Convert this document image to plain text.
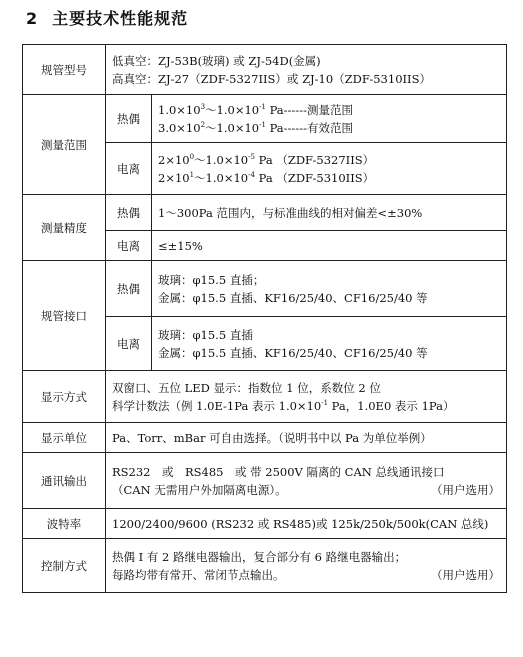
2 主要技术性能规范
规管型号	低真空：ZJ-53B(玻璃) 或 ZJ-54D(金属)
高真空：ZJ-27（ZDF-5327IIS）或 ZJ-10（ZDF-5310IIS）	

测量范围	热偶	$1.0\times 10^3\sim 1.0\times 10^{-1}$ Pa------测量范围
$3.0\times 10^2\sim 1.0\times 10^{-1}$ Pa------有效范围

	电离	$2\times 10^0\sim 1.0\times 10^{-5}$ Pa （ZDF-5327IIS）
$2\times 10^1\sim 1.0\times 10^{-4}$ Pa （ZDF-5310IIS）

测量精度	热偶	1～300Pa 范围内，与标准曲线的相对偏差<±30%

	电离	≤±15%

规管接口	热偶	玻璃：φ15.5 直插；
金属：φ15.5 直插、KF16/25/40、CF16/25/40 等

	电离	玻璃：φ15.5 直插
金属：φ15.5 直插、KF16/25/40、CF16/25/40 等

显示方式	双窗口、五位 LED 显示：指数位 1 位，系数位 2 位
科学计数法（例 1.0E-1Pa 表示 $1.0\times 10^{-1}$ Pa，1.0E0 表示 1Pa）	

显示单位	Pa、Torr、mBar 可自由选择。（说明书中以 Pa 为单位举例）	

通讯输出	RS232　或　RS485　或 带 2500V 隔离的 CAN 总线通讯接口
（CAN 无需用户外加隔离电源）。 （用户选用）	

波特率	1200/2400/9600 (RS232 或 RS485)或 125k/250k/500k(CAN 总线)	

控制方式	热偶 I 有 2 路继电器输出，复合部分有 6 路继电器输出；
每路均带有常开、常闭节点输出。 （用户选用）	
